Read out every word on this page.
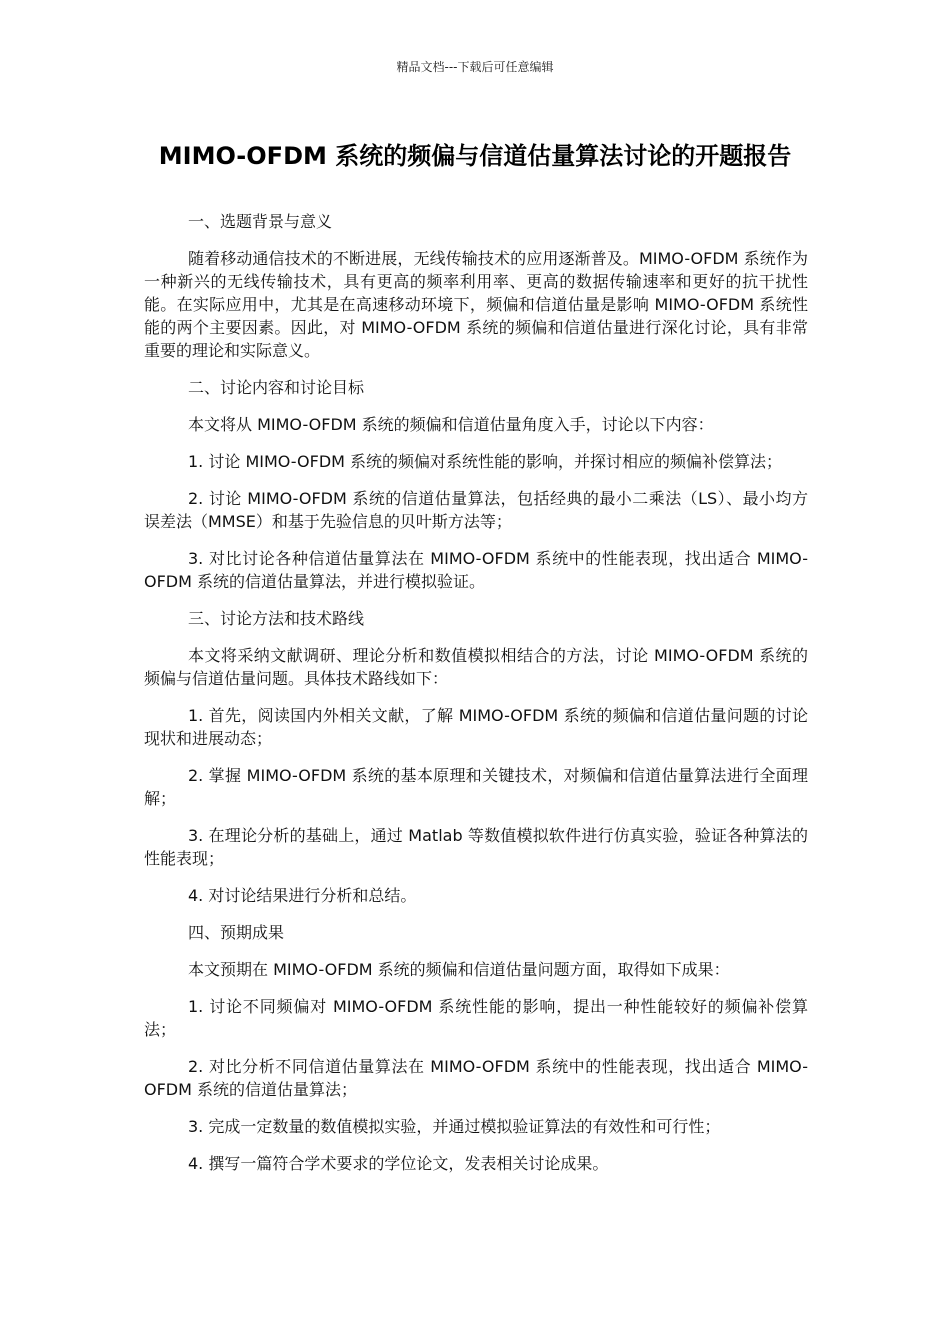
精品文档---下载后可任意编辑
MIMO-OFDM 系统的频偏与信道估量算法讨论的开题报告

一、选题背景与意义

随着移动通信技术的不断进展，无线传输技术的应用逐渐普及。MIMO-OFDM 系统作为一种新兴的无线传输技术，具有更高的频率利用率、更高的数据传输速率和更好的抗干扰性能。在实际应用中，尤其是在高速移动环境下，频偏和信道估量是影响 MIMO-OFDM 系统性能的两个主要因素。因此，对 MIMO-OFDM 系统的频偏和信道估量进行深化讨论，具有非常重要的理论和实际意义。

二、讨论内容和讨论目标

本文将从 MIMO-OFDM 系统的频偏和信道估量角度入手，讨论以下内容：

1. 讨论 MIMO-OFDM 系统的频偏对系统性能的影响，并探讨相应的频偏补偿算法；

2. 讨论 MIMO-OFDM 系统的信道估量算法，包括经典的最小二乘法（LS）、最小均方误差法（MMSE）和基于先验信息的贝叶斯方法等；

3. 对比讨论各种信道估量算法在 MIMO-OFDM 系统中的性能表现，找出适合 MIMO-OFDM 系统的信道估量算法，并进行模拟验证。

三、讨论方法和技术路线

本文将采纳文献调研、理论分析和数值模拟相结合的方法，讨论 MIMO-OFDM 系统的频偏与信道估量问题。具体技术路线如下：

1. 首先，阅读国内外相关文献，了解 MIMO-OFDM 系统的频偏和信道估量问题的讨论现状和进展动态；

2. 掌握 MIMO-OFDM 系统的基本原理和关键技术，对频偏和信道估量算法进行全面理解；

3. 在理论分析的基础上，通过 Matlab 等数值模拟软件进行仿真实验，验证各种算法的性能表现；

4. 对讨论结果进行分析和总结。

四、预期成果

本文预期在 MIMO-OFDM 系统的频偏和信道估量问题方面，取得如下成果：

1. 讨论不同频偏对 MIMO-OFDM 系统性能的影响，提出一种性能较好的频偏补偿算法；

2. 对比分析不同信道估量算法在 MIMO-OFDM 系统中的性能表现，找出适合 MIMO-OFDM 系统的信道估量算法；

3. 完成一定数量的数值模拟实验，并通过模拟验证算法的有效性和可行性；

4. 撰写一篇符合学术要求的学位论文，发表相关讨论成果。
